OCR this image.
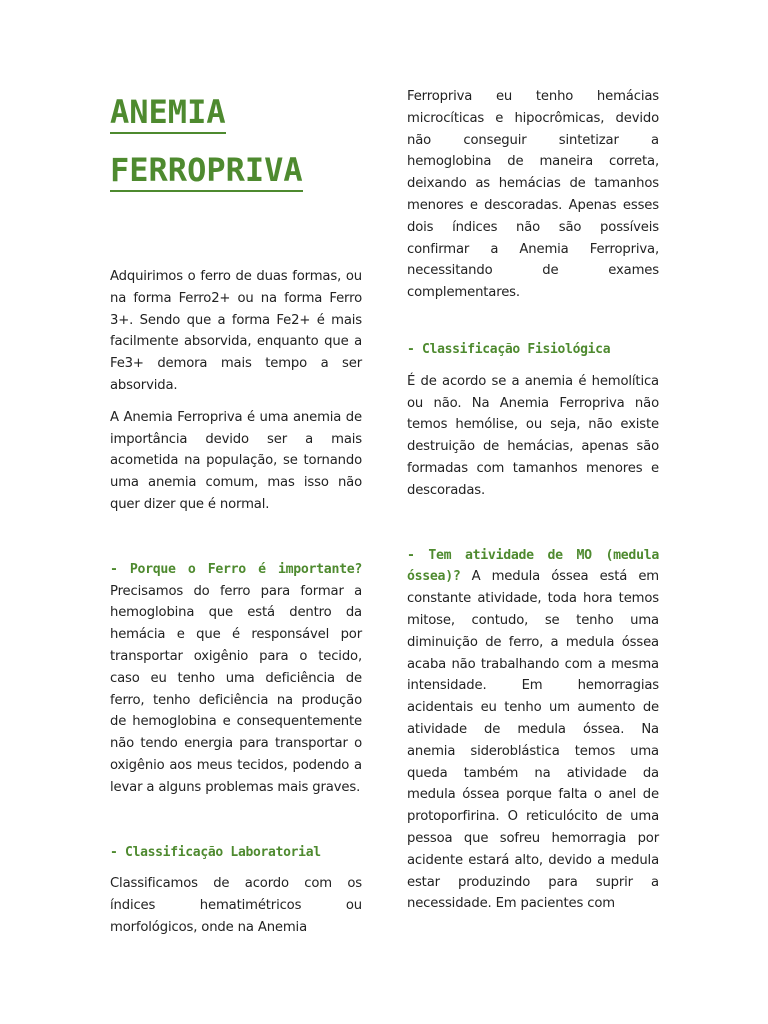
ANEMIA
FERROPRIVA

Adquirimos o ferro de duas formas, ou na forma Ferro2+ ou na forma Ferro 3+. Sendo que a forma Fe2+ é mais facilmente absorvida, enquanto que a Fe3+ demora mais tempo a ser absorvida.

A Anemia Ferropriva é uma anemia de importância devido ser a mais acometida na população, se tornando uma anemia comum, mas isso não quer dizer que é normal.

- Porque o Ferro é importante? Precisamos do ferro para formar a hemoglobina que está dentro da hemácia e que é responsável por transportar oxigênio para o tecido, caso eu tenho uma deficiência de ferro, tenho deficiência na produção de hemoglobina e consequentemente não tendo energia para transportar o oxigênio aos meus tecidos, podendo a levar a alguns problemas mais graves.

- Classificação Laboratorial

Classificamos de acordo com os índices hematimétricos ou morfológicos, onde na Anemia

Ferropriva eu tenho hemácias microcíticas e hipocrômicas, devido não conseguir sintetizar a hemoglobina de maneira correta, deixando as hemácias de tamanhos menores e descoradas. Apenas esses dois índices não são possíveis confirmar a Anemia Ferropriva, necessitando de exames complementares.

- Classificação Fisiológica

É de acordo se a anemia é hemolítica ou não. Na Anemia Ferropriva não temos hemólise, ou seja, não existe destruição de hemácias, apenas são formadas com tamanhos menores e descoradas.

- Tem atividade de MO (medula óssea)? A medula óssea está em constante atividade, toda hora temos mitose, contudo, se tenho uma diminuição de ferro, a medula óssea acaba não trabalhando com a mesma intensidade. Em hemorragias acidentais eu tenho um aumento de atividade de medula óssea. Na anemia sideroblástica temos uma queda também na atividade da medula óssea porque falta o anel de protoporfirina. O reticulócito de uma pessoa que sofreu hemorragia por acidente estará alto, devido a medula estar produzindo para suprir a necessidade. Em pacientes com
